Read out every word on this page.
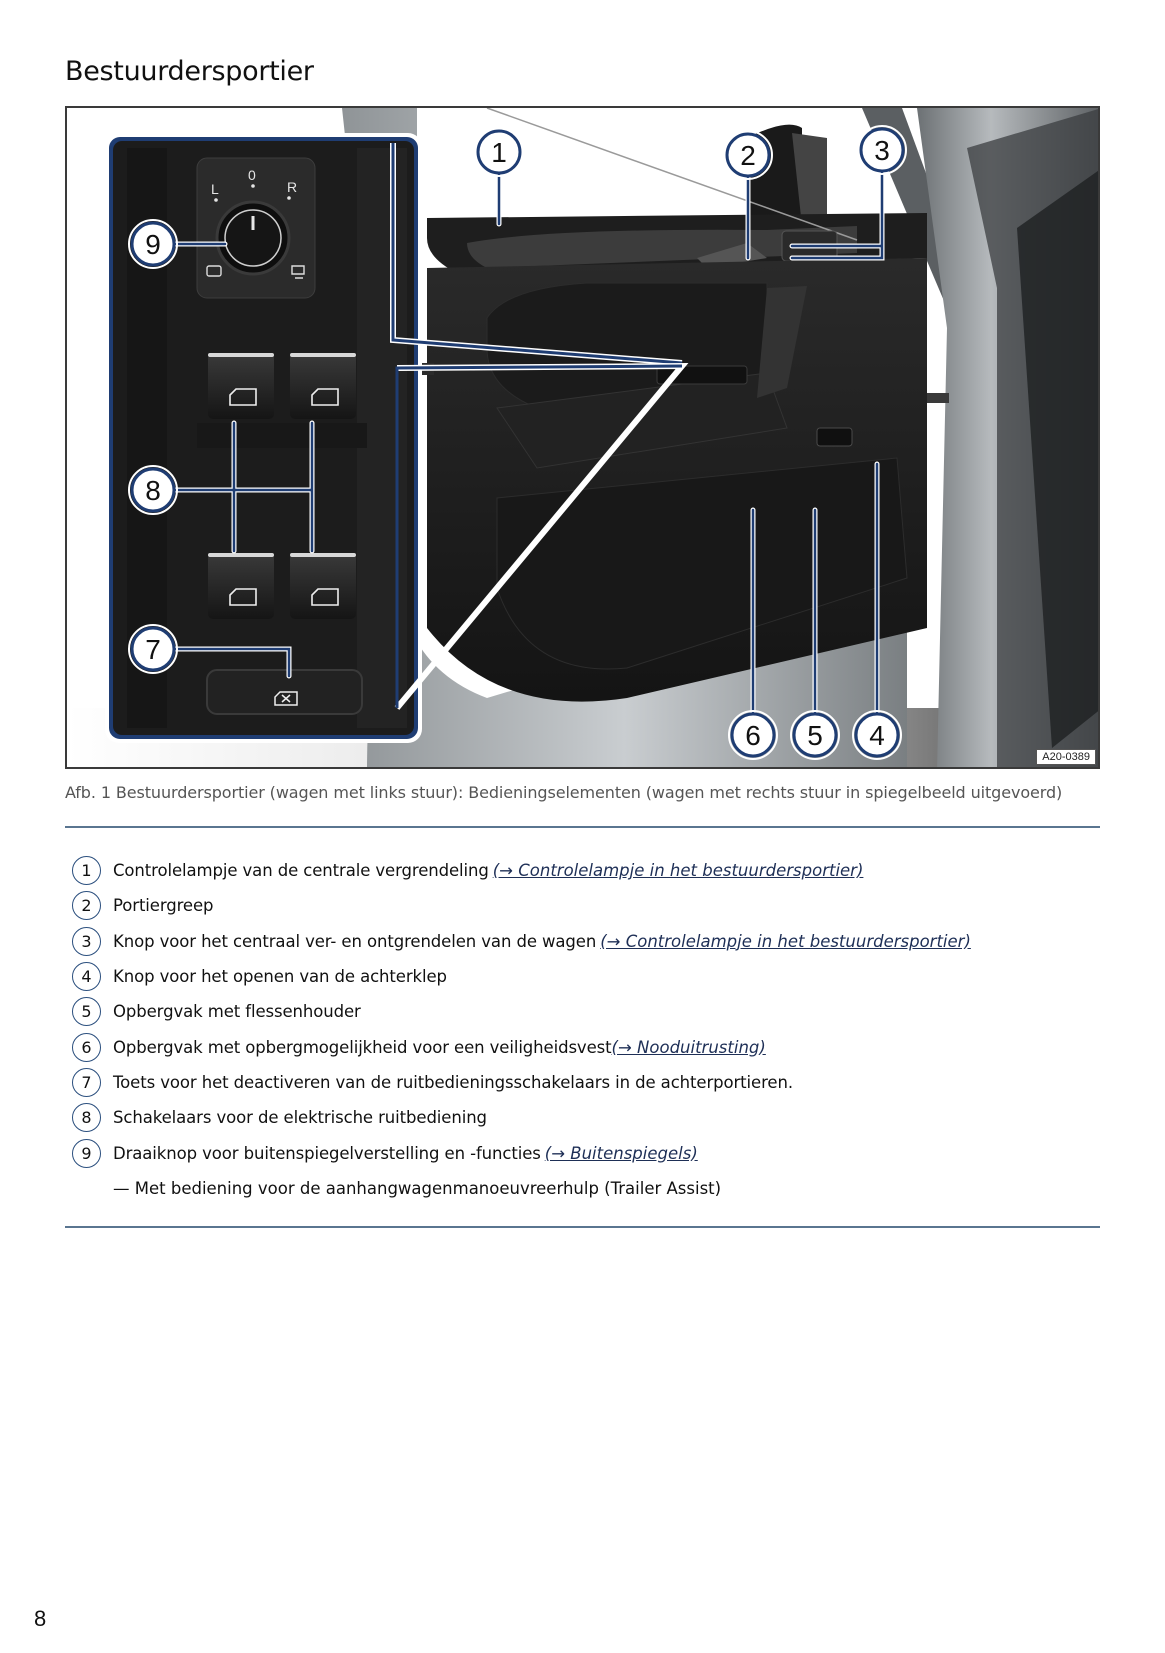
Bestuurdersportier
L
0
R
1	2	3
4
5
6
7
8
9
A20-0389
Afb. 1 Bestuurdersportier (wagen met links stuur): Bedieningselementen (wagen met rechts stuur in spiegelbeeld uitgevoerd)
1	Controlelampje van de centrale vergrendeling (→ Controlelampje in het bestuurdersportier)
2	Portiergreep
3	Knop voor het centraal ver- en ontgrendelen van de wagen (→ Controlelampje in het bestuurdersportier)
4	Knop voor het openen van de achterklep
5	Opbergvak met flessenhouder
6	Opbergvak met opbergmogelijkheid voor een veiligheidsvest (→ Nooduitrusting)
7	Toets voor het deactiveren van de ruitbedieningsschakelaars in de achterportieren.
8	Schakelaars voor de elektrische ruitbediening
9	Draaiknop voor buitenspiegelverstelling en -functies (→ Buitenspiegels)
— Met bediening voor de aanhangwagenmanoeuvreerhulp (Trailer Assist)
8
